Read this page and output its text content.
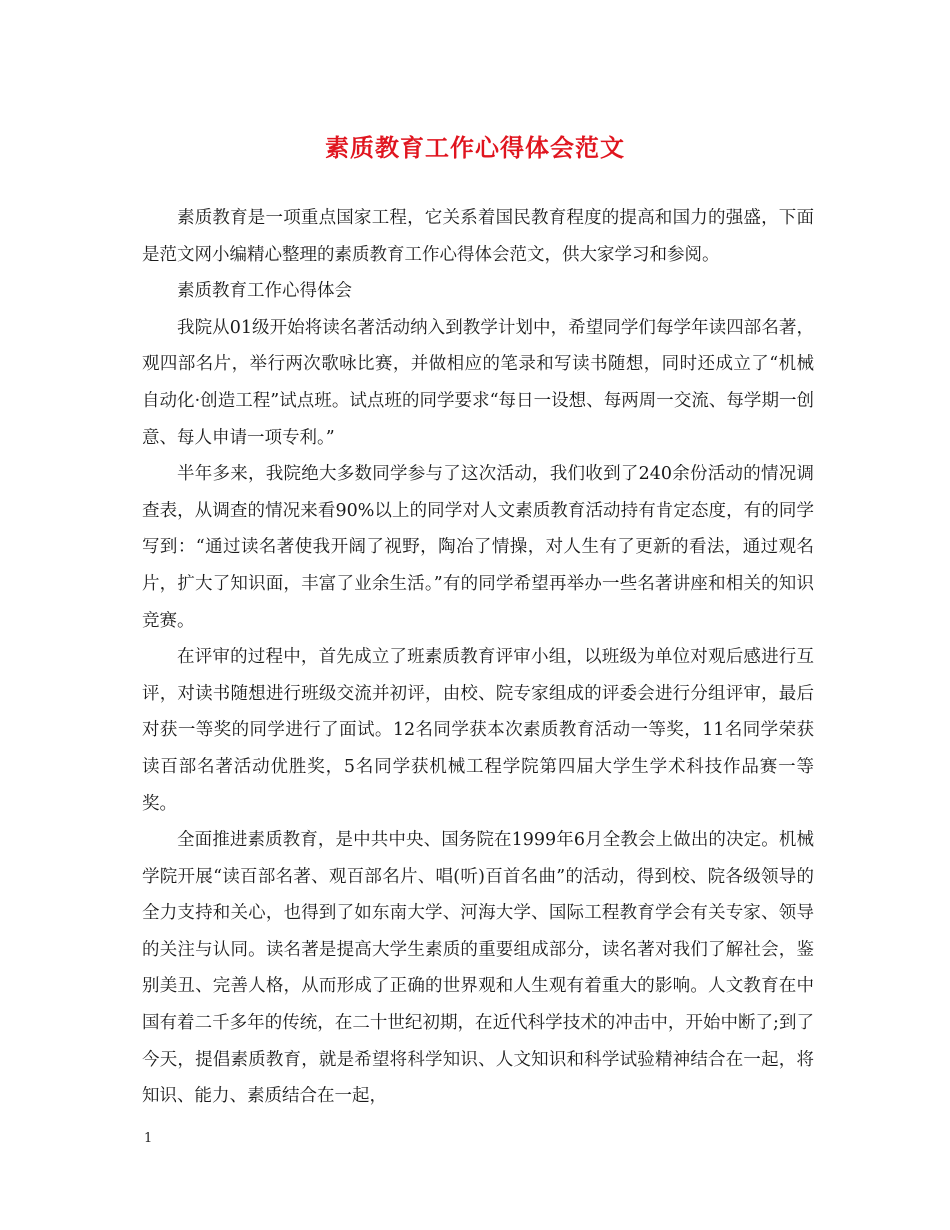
素质教育工作心得体会范文

素质教育是一项重点国家工程，它关系着国民教育程度的提高和国力的强盛，下面是范文网小编精心整理的素质教育工作心得体会范文，供大家学习和参阅。

素质教育工作心得体会

我院从01级开始将读名著活动纳入到教学计划中，希望同学们每学年读四部名著，观四部名片，举行两次歌咏比赛，并做相应的笔录和写读书随想，同时还成立了“机械自动化·创造工程”试点班。试点班的同学要求“每日一设想、每两周一交流、每学期一创意、每人申请一项专利。”

半年多来，我院绝大多数同学参与了这次活动，我们收到了240余份活动的情况调查表，从调查的情况来看90%以上的同学对人文素质教育活动持有肯定态度，有的同学写到：“通过读名著使我开阔了视野，陶冶了情操，对人生有了更新的看法，通过观名片，扩大了知识面，丰富了业余生活。”有的同学希望再举办一些名著讲座和相关的知识竞赛。

在评审的过程中，首先成立了班素质教育评审小组，以班级为单位对观后感进行互评，对读书随想进行班级交流并初评，由校、院专家组成的评委会进行分组评审，最后对获一等奖的同学进行了面试。12名同学获本次素质教育活动一等奖，11名同学荣获读百部名著活动优胜奖，5名同学获机械工程学院第四届大学生学术科技作品赛一等奖。

全面推进素质教育，是中共中央、国务院在1999年6月全教会上做出的决定。机械学院开展“读百部名著、观百部名片、唱(听)百首名曲”的活动，得到校、院各级领导的全力支持和关心，也得到了如东南大学、河海大学、国际工程教育学会有关专家、领导的关注与认同。读名著是提高大学生素质的重要组成部分，读名著对我们了解社会，鉴别美丑、完善人格，从而形成了正确的世界观和人生观有着重大的影响。人文教育在中国有着二千多年的传统，在二十世纪初期，在近代科学技术的冲击中，开始中断了;到了今天，提倡素质教育，就是希望将科学知识、人文知识和科学试验精神结合在一起，将知识、能力、素质结合在一起，

1
